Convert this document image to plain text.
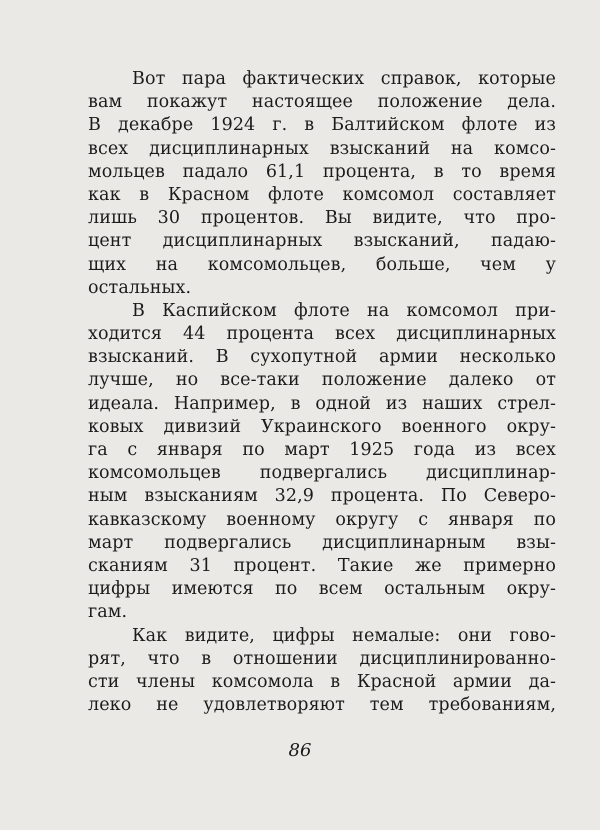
Вот пара фактических справок, которые
вам покажут настоящее положение дела.
В декабре 1924 г. в Балтийском флоте из
всех дисциплинарных взысканий на комсо-
мольцев падало 61,1 процента, в то время
как в Красном флоте комсомол составляет
лишь 30 процентов. Вы видите, что про-
цент дисциплинарных взысканий, падаю-
щих на комсомольцев, больше, чем у
остальных.
В Каспийском флоте на комсомол при-
ходится 44 процента всех дисциплинарных
взысканий. В сухопутной армии несколько
лучше, но все-таки положение далеко от
идеала. Например, в одной из наших стрел-
ковых дивизий Украинского военного окру-
га с января по март 1925 года из всех
комсомольцев подвергались дисциплинар-
ным взысканиям 32,9 процента. По Северо-
кавказскому военному округу с января по
март подвергались дисциплинарным взы-
сканиям 31 процент. Такие же примерно
цифры имеются по всем остальным окру-
гам.
Как видите, цифры немалые: они гово-
рят, что в отношении дисциплинированно-
сти члены комсомола в Красной армии да-
леко не удовлетворяют тем требованиям,
86
